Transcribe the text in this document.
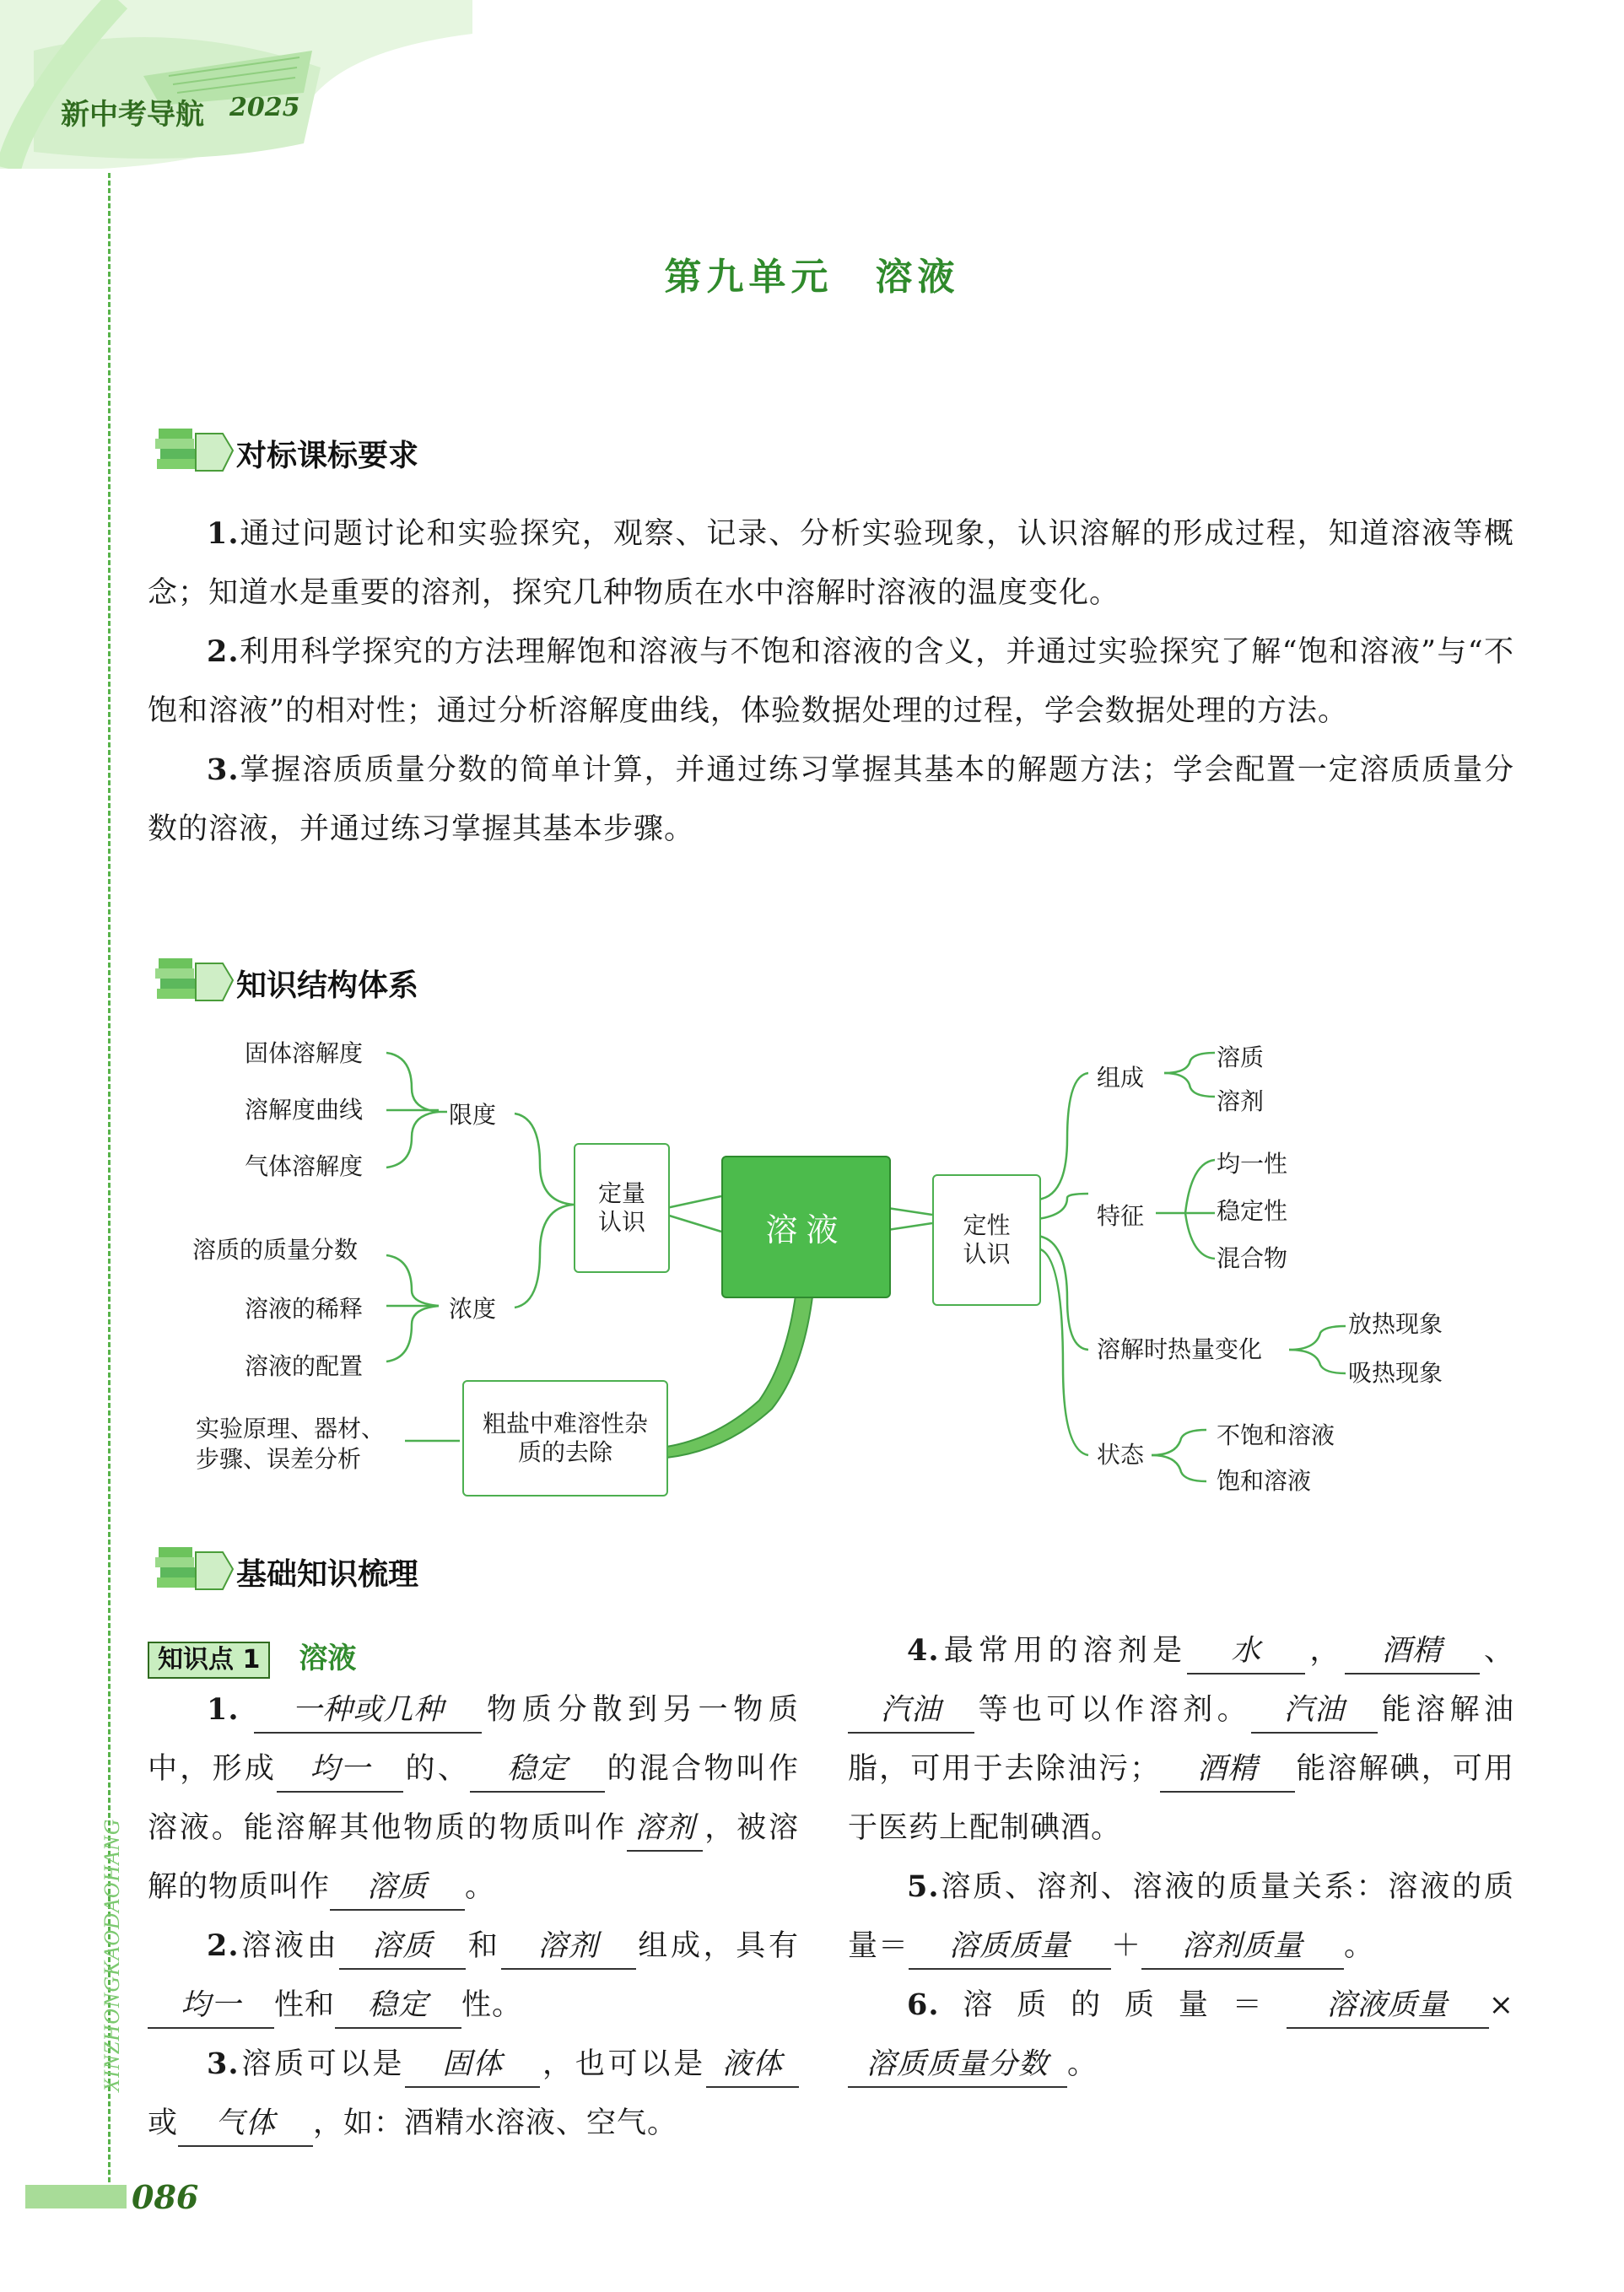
新中考导航 2025
XINZHONGKAODAOHANG
第九单元　溶液
对标课标要求

1.通过问题讨论和实验探究，观察、记录、分析实验现象，认识溶解的形成过程，知道溶液等概念；知道水是重要的溶剂，探究几种物质在水中溶解时溶液的温度变化。

2.利用科学探究的方法理解饱和溶液与不饱和溶液的含义，并通过实验探究了解“饱和溶液”与“不饱和溶液”的相对性；通过分析溶解度曲线，体验数据处理的过程，学会数据处理的方法。

3.掌握溶质质量分数的简单计算，并通过练习掌握其基本的解题方法；学会配置一定溶质质量分数的溶液，并通过练习掌握其基本步骤。

知识结构体系
固体溶解度
溶解度曲线
气体溶解度
限度
溶质的质量分数
溶液的稀释
溶液的配置
浓度
定量认识	溶液	定性认识
粗盐中难溶性杂质的去除
实验原理、器材、步骤、误差分析
组成
溶质
溶剂
特征
均一性
稳定性
混合物
溶解时热量变化
放热现象
吸热现象
状态
不饱和溶液
饱和溶液
基础知识梳理
知识点 1 溶液

1. 一种或几种 物质分散到另一物质中，形成 均一 的、 稳定 的混合物叫作溶液。能溶解其他物质的物质叫作 溶剂 ，被溶解的物质叫作 溶质 。

2.溶液由 溶质 和 溶剂 组成，具有均一 性和 稳定 性。

3.溶质可以是 固体 ，也可以是 液体或 气体 ，如：酒精水溶液、空气。

4.最常用的溶剂是 水 ， 酒精 、汽油 等也可以作溶剂。 汽油 能溶解油脂，可用于去除油污； 酒精 能溶解碘，可用于医药上配制碘酒。

5.溶质、溶剂、溶液的质量关系：溶液的质量＝ 溶质质量 ＋ 溶剂质量 。

6.溶质的质量＝ 溶液质量 ×溶质质量分数 。

086
